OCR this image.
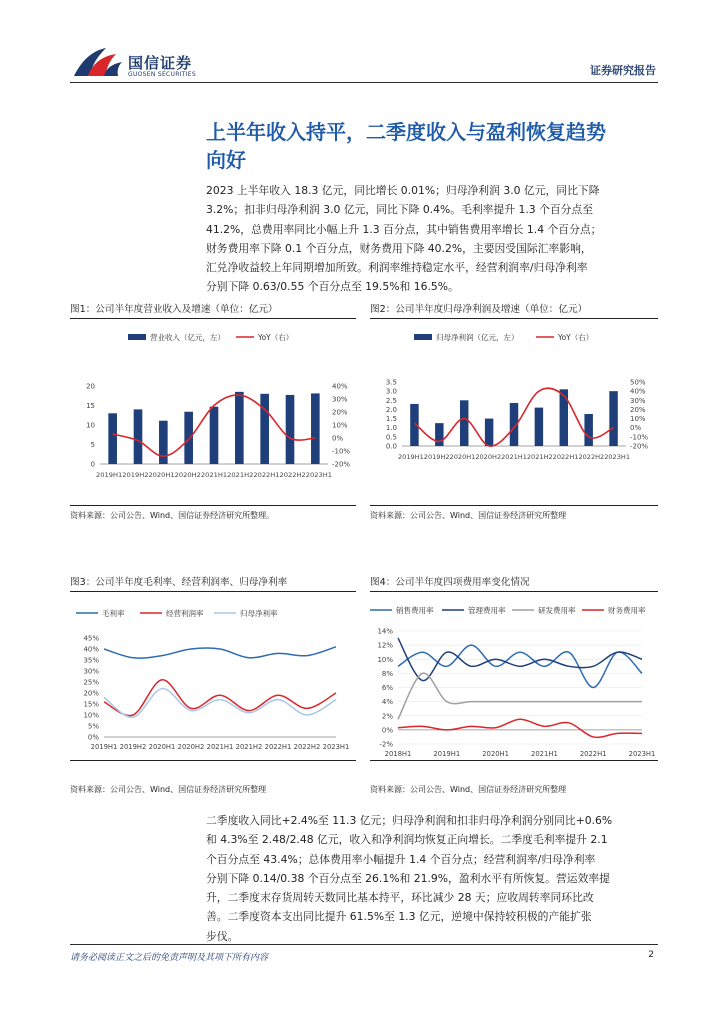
国信证券
GUOSEN SECURITIES	证券研究报告
上半年收入持平，二季度收入与盈利恢复趋势
向好
2023 上半年收入 18.3 亿元，同比增长 0.01%；归母净利润 3.0 亿元，同比下降
3.2%；扣非归母净利润 3.0 亿元，同比下降 0.4%。毛利率提升 1.3 个百分点至
41.2%，总费用率同比小幅上升 1.3 百分点，其中销售费用率增长 1.4 个百分点；
财务费用率下降 0.1 个百分点，财务费用下降 40.2%，主要因受国际汇率影响，
汇兑净收益较上年同期增加所致。利润率维持稳定水平，经营利润率/归母净利率
分别下降 0.63/0.55 个百分点至 19.5%和 16.5%。
图1：公司半年度营业收入及增速（单位：亿元）
营业收入（亿元，左）	YoY（右）
0
5
10
15
20
-20%
-10%
0%
10%
20%
30%
40%
2019H12019H22020H12020H22021H12021H22022H12022H22023H1
资料来源：公司公告、Wind、国信证券经济研究所整理。
图2：公司半年度归母净利润及增速（单位：亿元）
归母净利润（亿元，左）	YoY（右）
0.0
0.5
1.0
1.5
2.0
2.5
3.0
3.5
-20%
-10%
0%
10%
20%
30%
40%
50%
2019H12019H22020H12020H22021H12021H22022H12022H22023H1
资料来源：公司公告、Wind、国信证券经济研究所整理
图3：公司半年度毛利率、经营利润率、归母净利率
毛利率	经营利润率	归母净利率
0%
5%
10%
15%
20%
25%
30%
35%
40%
45%
2019H1 2019H2 2020H1 2020H2 2021H1 2021H2 2022H1 2022H2 2023H1
资料来源：公司公告、Wind、国信证券经济研究所整理
图4：公司半年度四项费用率变化情况
销售费用率	管理费用率	研发费用率	财务费用率
-2%
0%
2%
4%
6%
8%
10%
12%
14%
2018H1	2019H1	2020H1	2021H1	2022H1	2023H1
资料来源：公司公告、Wind、国信证券经济研究所整理
二季度收入同比+2.4%至 11.3 亿元；归母净利润和扣非归母净利润分别同比+0.6%
和 4.3%至 2.48/2.48 亿元，收入和净利润均恢复正向增长。二季度毛利率提升 2.1
个百分点至 43.4%；总体费用率小幅提升 1.4 个百分点；经营利润率/归母净利率
分别下降 0.14/0.38 个百分点至 26.1%和 21.9%，盈利水平有所恢复。营运效率提
升，二季度末存货周转天数同比基本持平，环比减少 28 天；应收周转率同环比改
善。二季度资本支出同比提升 61.5%至 1.3 亿元，逆境中保持较积极的产能扩张
步伐。
请务必阅读正文之后的免责声明及其项下所有内容	2
